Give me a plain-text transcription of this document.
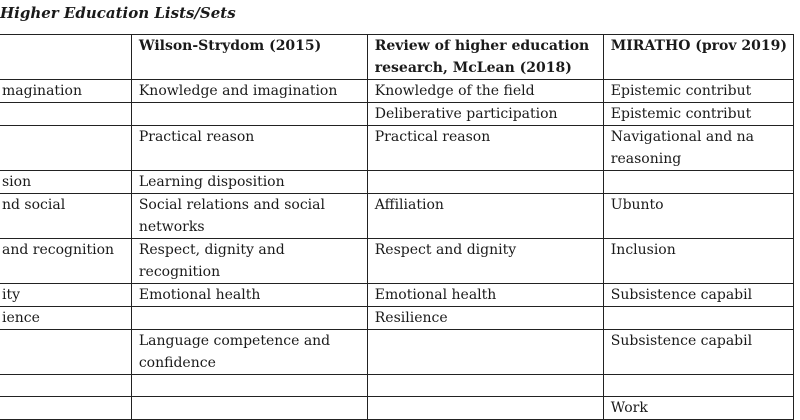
Higher Education Lists/Sets
	Wilson-Strydom (2015)	Review of higher education research, McLean (2018)	MIRATHO (prov 2019)
magination	Knowledge and imagination	Knowledge of the field	Epistemic contribut
		Deliberative participation	Epistemic contribut
	Practical reason	Practical reason	Navigational and na reasoning
sion	Learning disposition		
nd social	Social relations and social networks	Affiliation	Ubunto
and recognition	Respect, dignity and recognition	Respect and dignity	Inclusion
ity	Emotional health	Emotional health	Subsistence capabil
ience		Resilience	
	Language competence and confidence		Subsistence capabil

			Work
